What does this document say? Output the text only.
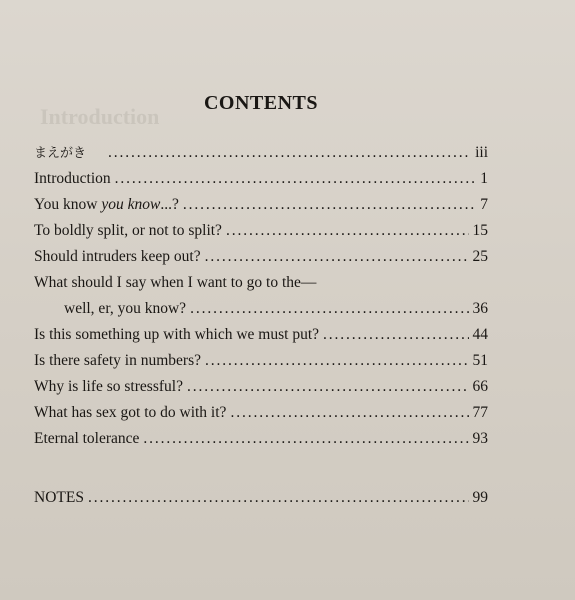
Introduction
CONTENTS
まえがき . . .	iii
Introduction . . .	1
You know you know...? . . .	7
To boldly split, or not to split? . . .	15
Should intruders keep out? . . .	25
What should I say when I want to go to the—
well, er, you know? . . .	36
Is this something up with which we must put? . . .	44
Is there safety in numbers? . . .	51
Why is life so stressful? . . .	66
What has sex got to do with it? . . .	77
Eternal tolerance . . .	93
NOTES . . .	99
